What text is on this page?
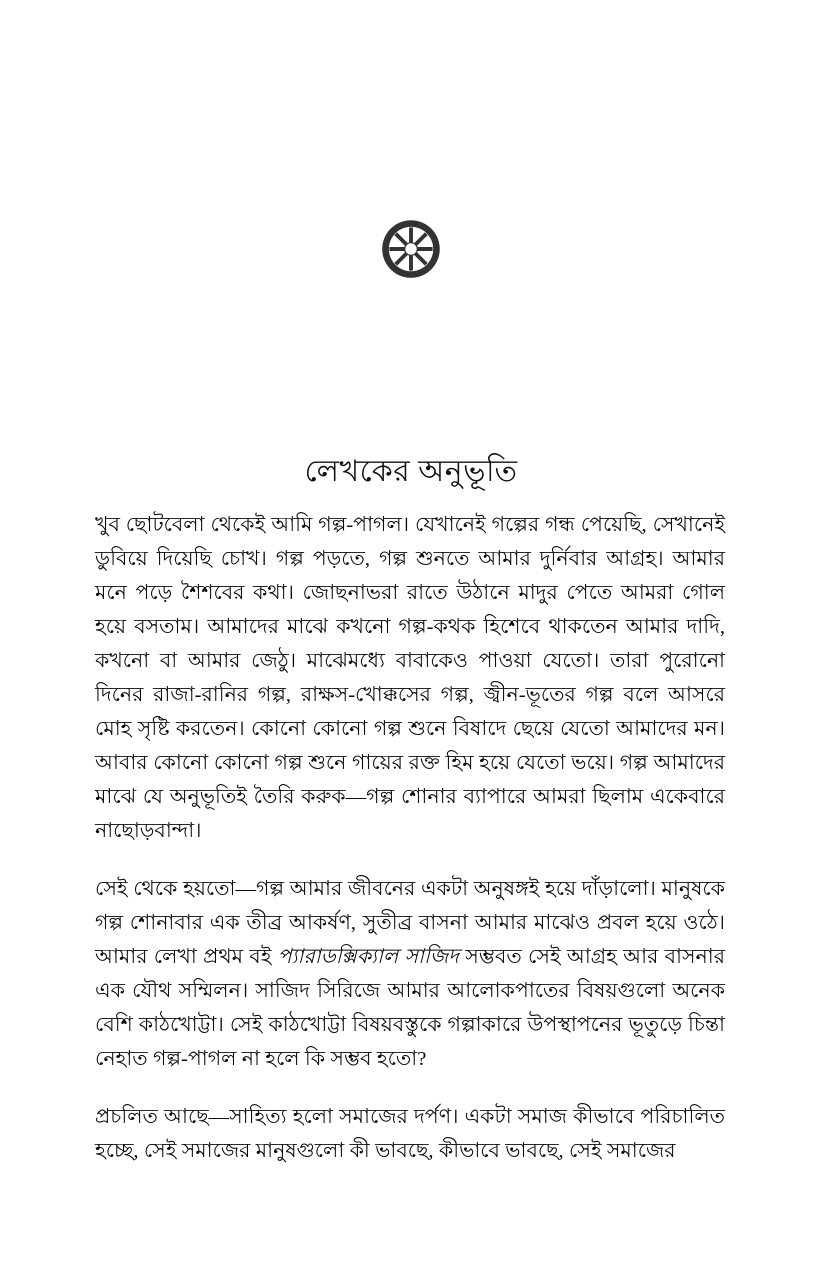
লেখকের অনুভূতি

খুব ছোটবেলা থেকেই আমি গল্প-পাগল। যেখানেই গল্পের গন্ধ পেয়েছি, সেখানেই ডুবিয়ে দিয়েছি চোখ। গল্প পড়তে, গল্প শুনতে আমার দুর্নিবার আগ্রহ। আমার মনে পড়ে শৈশবের কথা। জোছনাভরা রাতে উঠানে মাদুর পেতে আমরা গোল হয়ে বসতাম। আমাদের মাঝে কখনো গল্প-কথক হিশেবে থাকতেন আমার দাদি, কখনো বা আমার জেঠু। মাঝেমধ্যে বাবাকেও পাওয়া যেতো। তারা পুরোনো দিনের রাজা-রানির গল্প, রাক্ষস-খোক্কসের গল্প, জ্বীন-ভূতের গল্প বলে আসরে মোহ সৃষ্টি করতেন। কোনো কোনো গল্প শুনে বিষাদে ছেয়ে যেতো আমাদের মন। আবার কোনো কোনো গল্প শুনে গায়ের রক্ত হিম হয়ে যেতো ভয়ে। গল্প আমাদের মাঝে যে অনুভূতিই তৈরি করুক—গল্প শোনার ব্যাপারে আমরা ছিলাম একেবারে নাছোড়বান্দা।

সেই থেকে হয়তো—গল্প আমার জীবনের একটা অনুষঙ্গই হয়ে দাঁড়ালো। মানুষকে গল্প শোনাবার এক তীব্র আকর্ষণ, সুতীব্র বাসনা আমার মাঝেও প্রবল হয়ে ওঠে। আমার লেখা প্রথম বই প্যারাডক্সিক্যাল সাজিদ সম্ভবত সেই আগ্রহ আর বাসনার এক যৌথ সম্মিলন। সাজিদ সিরিজে আমার আলোকপাতের বিষয়গুলো অনেক বেশি কাঠখোট্টা। সেই কাঠখোট্টা বিষয়বস্তুকে গল্পাকারে উপস্থাপনের ভূতুড়ে চিন্তা নেহাত গল্প-পাগল না হলে কি সম্ভব হতো?

প্রচলিত আছে—সাহিত্য হলো সমাজের দর্পণ। একটা সমাজ কীভাবে পরিচালিত হচ্ছে, সেই সমাজের মানুষগুলো কী ভাবছে, কীভাবে ভাবছে, সেই সমাজের
